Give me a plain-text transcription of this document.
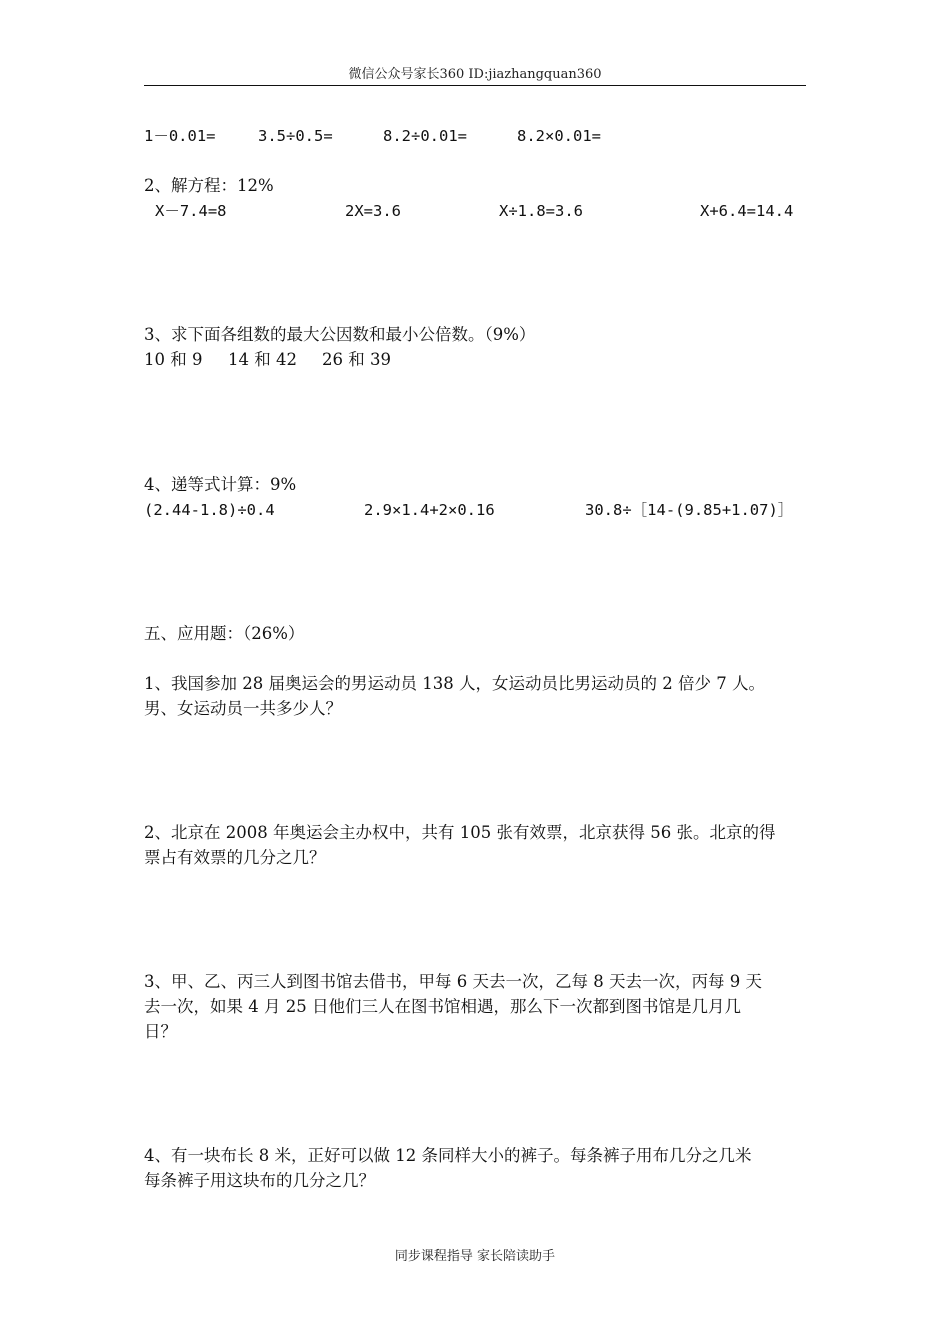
微信公众号家长360 ID:jiazhangquan360
1－0.01=	3.5÷0.5=	8.2÷0.01=	8.2×0.01=
2、解方程：12%
X－7.4=8	2X=3.6	X÷1.8=3.6	X+6.4=14.4
3、求下面各组数的最大公因数和最小公倍数。（9%）
10 和 9 14 和 42 26 和 39
4、递等式计算：9%
(2.44-1.8)÷0.4	2.9×1.4+2×0.16	30.8÷［14-(9.85+1.07)］
五、应用题：（26%）
1、我国参加 28 届奥运会的男运动员 138 人，女运动员比男运动员的 2 倍少 7 人。
男、女运动员一共多少人？
2、北京在 2008 年奥运会主办权中，共有 105 张有效票，北京获得 56 张。北京的得
票占有效票的几分之几？
3、甲、乙、丙三人到图书馆去借书，甲每 6 天去一次，乙每 8 天去一次，丙每 9 天
去一次，如果 4 月 25 日他们三人在图书馆相遇，那么下一次都到图书馆是几月几
日？
4、有一块布长 8 米，正好可以做 12 条同样大小的裤子。每条裤子用布几分之几米
每条裤子用这块布的几分之几？
同步课程指导 家长陪读助手
